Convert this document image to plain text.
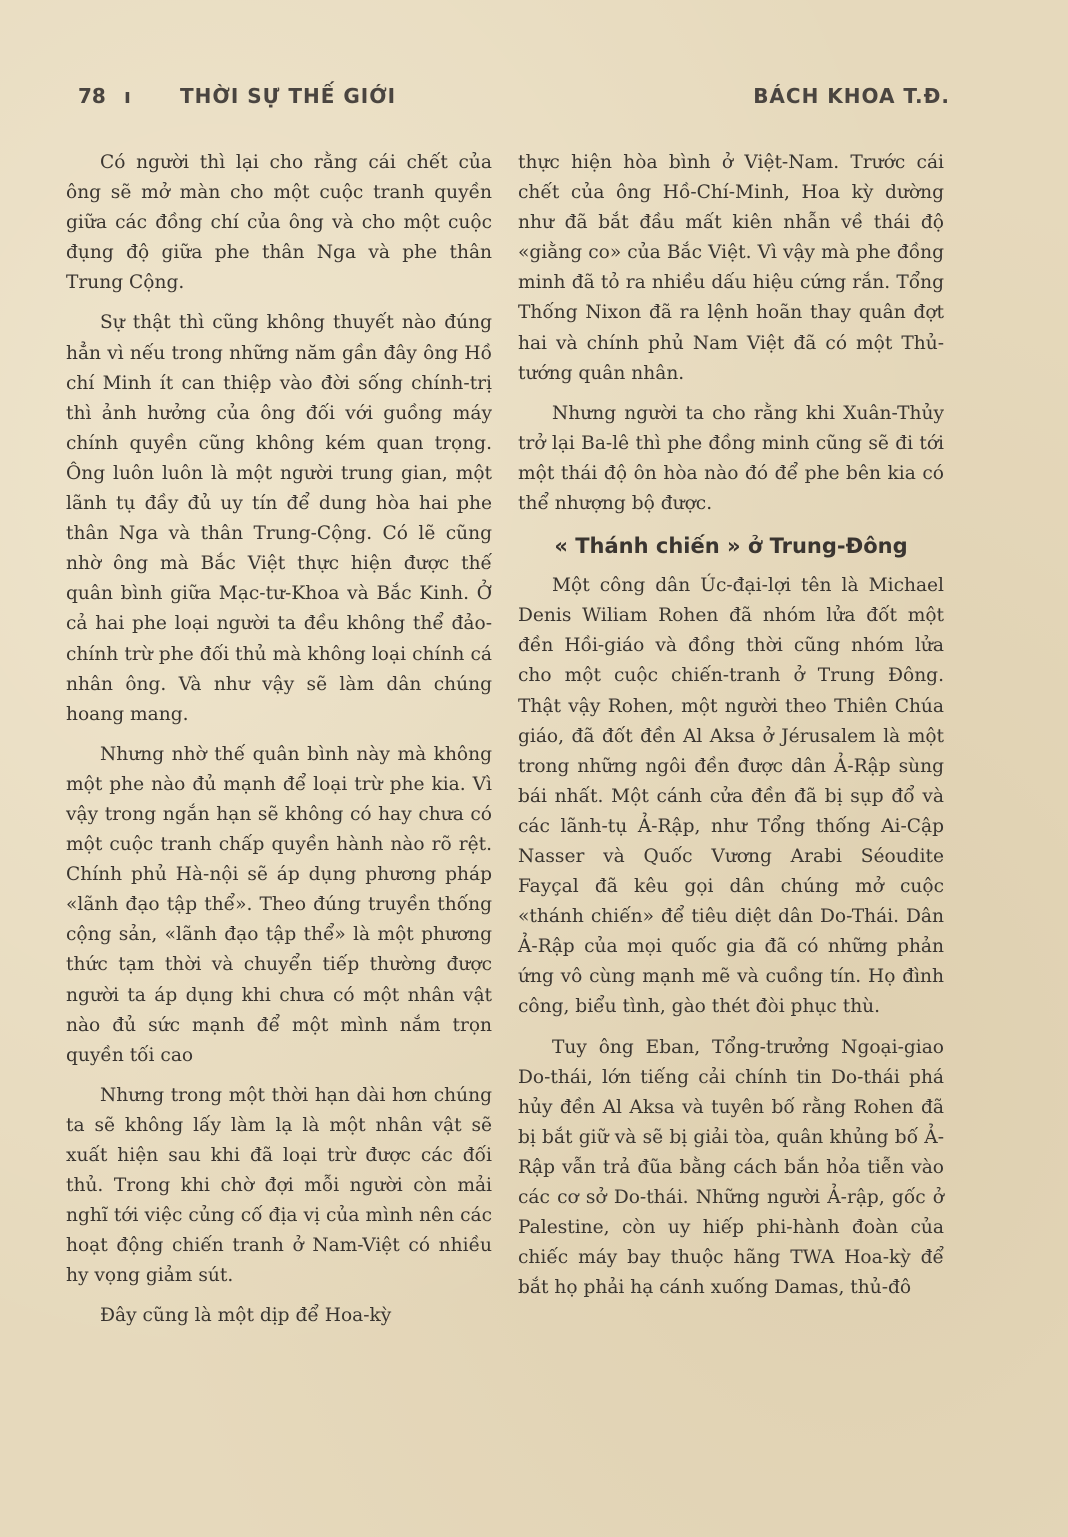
78 ı THỜI SỰ THẾ GIỚI	BÁCH KHOA T.Đ.

Có người thì lại cho rằng cái chết của ông sẽ mở màn cho một cuộc tranh quyền giữa các đồng chí của ông và cho một cuộc đụng độ giữa phe thân Nga và phe thân Trung Cộng.

Sự thật thì cũng không thuyết nào đúng hẳn vì nếu trong những năm gần đây ông Hồ chí Minh ít can thiệp vào đời sống chính-trị thì ảnh hưởng của ông đối với guồng máy chính quyền cũng không kém quan trọng. Ông luôn luôn là một người trung gian, một lãnh tụ đầy đủ uy tín để dung hòa hai phe thân Nga và thân Trung-Cộng. Có lẽ cũng nhờ ông mà Bắc Việt thực hiện được thế quân bình giữa Mạc-tư-Khoa và Bắc Kinh. Ở cả hai phe loại người ta đều không thể đảo-chính trừ phe đối thủ mà không loại chính cá nhân ông. Và như vậy sẽ làm dân chúng hoang mang.

Nhưng nhờ thế quân bình này mà không một phe nào đủ mạnh để loại trừ phe kia. Vì vậy trong ngắn hạn sẽ không có hay chưa có một cuộc tranh chấp quyền hành nào rõ rệt. Chính phủ Hà-nội sẽ áp dụng phương pháp «lãnh đạo tập thể». Theo đúng truyền thống cộng sản, «lãnh đạo tập thể» là một phương thức tạm thời và chuyển tiếp thường được người ta áp dụng khi chưa có một nhân vật nào đủ sức mạnh để một mình nắm trọn quyền tối cao

Nhưng trong một thời hạn dài hơn chúng ta sẽ không lấy làm lạ là một nhân vật sẽ xuất hiện sau khi đã loại trừ được các đối thủ. Trong khi chờ đợi mỗi người còn mải nghĩ tới việc củng cố địa vị của mình nên các hoạt động chiến tranh ở Nam-Việt có nhiều hy vọng giảm sút.

Đây cũng là một dịp để Hoa-kỳ

thực hiện hòa bình ở Việt-Nam. Trước cái chết của ông Hồ-Chí-Minh, Hoa kỳ dường như đã bắt đầu mất kiên nhẫn về thái độ «giằng co» của Bắc Việt. Vì vậy mà phe đồng minh đã tỏ ra nhiều dấu hiệu cứng rắn. Tổng Thống Nixon đã ra lệnh hoãn thay quân đợt hai và chính phủ Nam Việt đã có một Thủ-tướng quân nhân.

Nhưng người ta cho rằng khi Xuân-Thủy trở lại Ba-lê thì phe đồng minh cũng sẽ đi tới một thái độ ôn hòa nào đó để phe bên kia có thể nhượng bộ được.

« Thánh chiến » ở Trung-Đông

Một công dân Úc-đại-lợi tên là Michael Denis Wiliam Rohen đã nhóm lửa đốt một đền Hồi-giáo và đồng thời cũng nhóm lửa cho một cuộc chiến-tranh ở Trung Đông. Thật vậy Rohen, một người theo Thiên Chúa giáo, đã đốt đền Al Aksa ở Jérusalem là một trong những ngôi đền được dân Ả-Rập sùng bái nhất. Một cánh cửa đền đã bị sụp đổ và các lãnh-tụ Ả-Rập, như Tổng thống Ai-Cập Nasser và Quốc Vương Arabi Séoudite Fayçal đã kêu gọi dân chúng mở cuộc «thánh chiến» để tiêu diệt dân Do-Thái. Dân Ả-Rập của mọi quốc gia đã có những phản ứng vô cùng mạnh mẽ và cuồng tín. Họ đình công, biểu tình, gào thét đòi phục thù.

Tuy ông Eban, Tổng-trưởng Ngoại-giao Do-thái, lớn tiếng cải chính tin Do-thái phá hủy đền Al Aksa và tuyên bố rằng Rohen đã bị bắt giữ và sẽ bị giải tòa, quân khủng bố Ả-Rập vẫn trả đũa bằng cách bắn hỏa tiễn vào các cơ sở Do-thái. Những người Ả-rập, gốc ở Palestine, còn uy hiếp phi-hành đoàn của chiếc máy bay thuộc hãng TWA Hoa-kỳ để bắt họ phải hạ cánh xuống Damas, thủ-đô
